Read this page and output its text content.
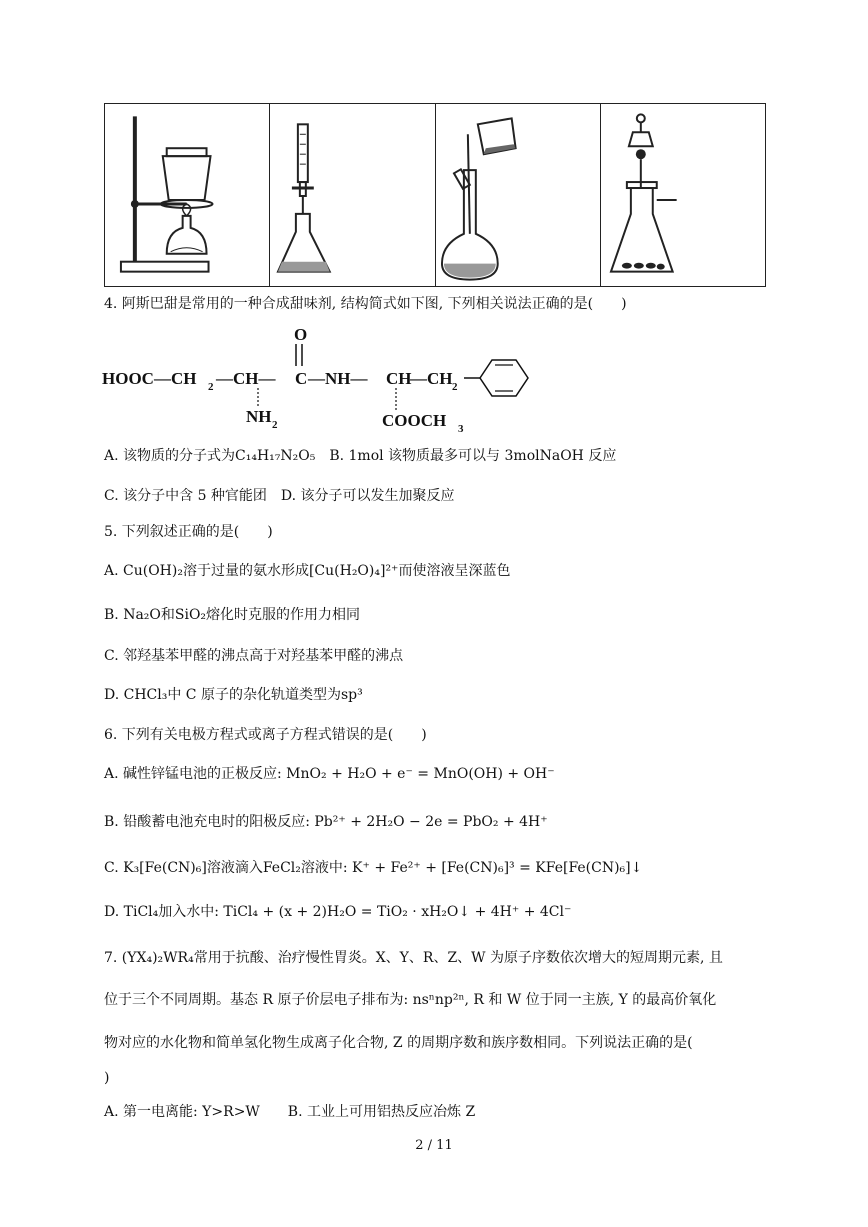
4. 阿斯巴甜是常用的一种合成甜味剂, 结构简式如下图, 下列相关说法正确的是(　　)
HOOC—CH 2 —CH—
O
C —NH— CH
—CH 2
NH 2	COOCH 3
A. 该物质的分子式为C₁₄H₁₇N₂O₅　B. 1mol 该物质最多可以与 3molNaOH 反应
C. 该分子中含 5 种官能团　D. 该分子可以发生加聚反应
5. 下列叙述正确的是(　　)
A. Cu(OH)₂溶于过量的氨水形成[Cu(H₂O)₄]²⁺而使溶液呈深蓝色
B. Na₂O和SiO₂熔化时克服的作用力相同
C. 邻羟基苯甲醛的沸点高于对羟基苯甲醛的沸点
D. CHCl₃中 C 原子的杂化轨道类型为sp³
6. 下列有关电极方程式或离子方程式错误的是(　　)
A. 碱性锌锰电池的正极反应: MnO₂ + H₂O + e⁻ = MnO(OH) + OH⁻
B. 铅酸蓄电池充电时的阳极反应: Pb²⁺ + 2H₂O − 2e = PbO₂ + 4H⁺
C. K₃[Fe(CN)₆]溶液滴入FeCl₂溶液中: K⁺ + Fe²⁺ + [Fe(CN)₆]³ = KFe[Fe(CN)₆]↓
D. TiCl₄加入水中: TiCl₄ + (x + 2)H₂O = TiO₂ · xH₂O↓ + 4H⁺ + 4Cl⁻
7. (YX₄)₂WR₄常用于抗酸、治疗慢性胃炎。X、Y、R、Z、W 为原子序数依次增大的短周期元素, 且
位于三个不同周期。基态 R 原子价层电子排布为: nsⁿnp²ⁿ, R 和 W 位于同一主族, Y 的最高价氧化
物对应的水化物和简单氢化物生成离子化合物, Z 的周期序数和族序数相同。下列说法正确的是(
)
A. 第一电离能: Y>R>W　　B. 工业上可用铝热反应冶炼 Z
2 / 11
